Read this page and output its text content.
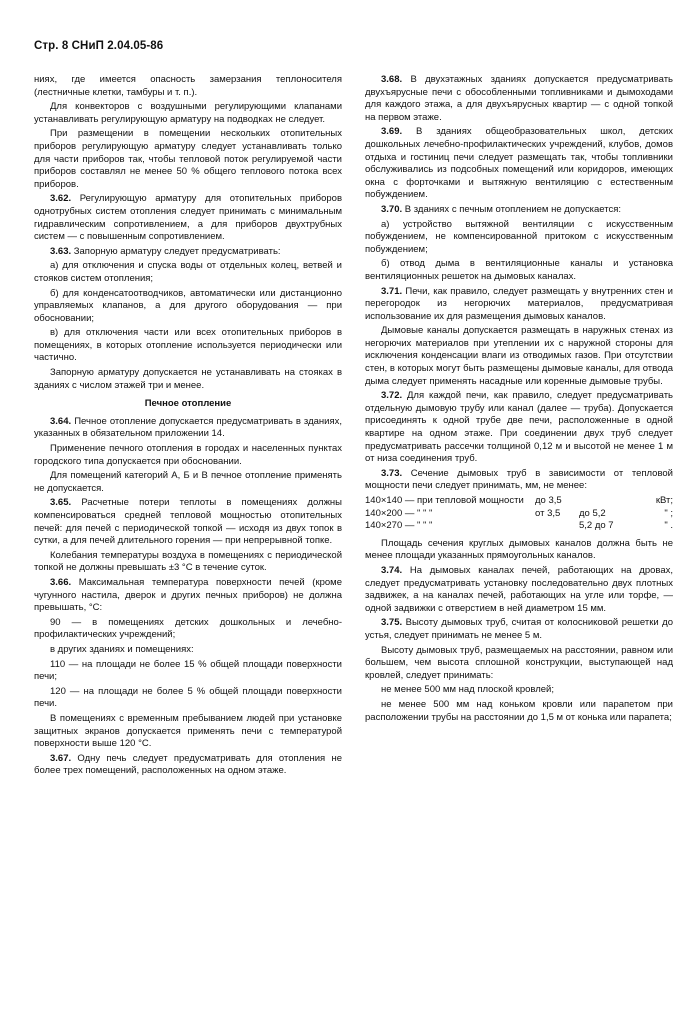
Стр. 8 СНиП 2.04.05-86

ниях, где имеется опасность замерзания теплоносителя (лестничные клетки, тамбуры и т. п.).

Для конвекторов с воздушными регулирующими клапанами устанавливать регулирующую арматуру на подводках не следует.

При размещении в помещении нескольких отопительных приборов регулирующую арматуру следует устанавливать только для части приборов так, чтобы тепловой поток регулируемой части приборов составлял не менее 50 % общего теплового потока всех приборов.

3.62. Регулирующую арматуру для отопительных приборов однотрубных систем отопления следует принимать с минимальным гидравлическим сопротивлением, а для приборов двухтрубных систем — с повышенным сопротивлением.

3.63. Запорную арматуру следует предусматривать:

а) для отключения и спуска воды от отдельных колец, ветвей и стояков систем отопления;

б) для конденсатоотводчиков, автоматически или дистанционно управляемых клапанов, а для другого оборудования — при обосновании;

в) для отключения части или всех отопительных приборов в помещениях, в которых отопление используется периодически или частично.

Запорную арматуру допускается не устанавливать на стояках в зданиях с числом этажей три и менее.

Печное отопление

3.64. Печное отопление допускается предусматривать в зданиях, указанных в обязательном приложении 14.

Применение печного отопления в городах и населенных пунктах городского типа допускается при обосновании.

Для помещений категорий А, Б и В печное отопление применять не допускается.

3.65. Расчетные потери теплоты в помещениях должны компенсироваться средней тепловой мощностью отопительных печей: для печей с периодической топкой — исходя из двух топок в сутки, а для печей длительного горения — при непрерывной топке.

Колебания температуры воздуха в помещениях с периодической топкой не должны превышать ±3 °С в течение суток.

3.66. Максимальная температура поверхности печей (кроме чугунного настила, дверок и других печных приборов) не должна превышать, °С:

90 — в помещениях детских дошкольных и лечебно-профилактических учреждений;

в других зданиях и помещениях:

110 — на площади не более 15 % общей площади поверхности печи;

120 — на площади не более 5 % общей площади поверхности печи.

В помещениях с временным пребыванием людей при установке защитных экранов допускается применять печи с температурой поверхности выше 120 °С.

3.67. Одну печь следует предусматривать для отопления не более трех помещений, расположенных на одном этаже.

3.68. В двухэтажных зданиях допускается предусматривать двухъярусные печи с обособленными топливниками и дымоходами для каждого этажа, а для двухъярусных квартир — с одной топкой на первом этаже.

3.69. В зданиях общеобразовательных школ, детских дошкольных лечебно-профилактических учреждений, клубов, домов отдыха и гостиниц печи следует размещать так, чтобы топливники обслуживались из подсобных помещений или коридоров, имеющих окна с форточками и вытяжную вентиляцию с естественным побуждением.

3.70. В зданиях с печным отоплением не допускается:

а) устройство вытяжной вентиляции с искусственным побуждением, не компенсированной притоком с искусственным побуждением;

б) отвод дыма в вентиляционные каналы и установка вентиляционных решеток на дымовых каналах.

3.71. Печи, как правило, следует размещать у внутренних стен и перегородок из негорючих материалов, предусматривая использование их для размещения дымовых каналов.

Дымовые каналы допускается размещать в наружных стенах из негорючих материалов при утеплении их с наружной стороны для исключения конденсации влаги из отводимых газов. При отсутствии стен, в которых могут быть размещены дымовые каналы, для отвода дыма следует применять насадные или коренные дымовые трубы.

3.72. Для каждой печи, как правило, следует предусматривать отдельную дымовую трубу или канал (далее — труба). Допускается присоединять к одной трубе две печи, расположенные в одной квартире на одном этаже. При соединении двух труб следует предусматривать рассечки толщиной 0,12 м и высотой не менее 1 м от низа соединения труб.

3.73. Сечение дымовых труб в зависимости от тепловой мощности печи следует принимать, мм, не менее:

140×140 — при тепловой мощности	до 3,5	кВт;
140×200 — " " "	от 3,5	до 5,2	" ;
140×270 — " " "	5,2 до 7	" .

Площадь сечения круглых дымовых каналов должна быть не менее площади указанных прямоугольных каналов.

3.74. На дымовых каналах печей, работающих на дровах, следует предусматривать установку последовательно двух плотных задвижек, а на каналах печей, работающих на угле или торфе, — одной задвижки с отверстием в ней диаметром 15 мм.

3.75. Высоту дымовых труб, считая от колосниковой решетки до устья, следует принимать не менее 5 м.

Высоту дымовых труб, размещаемых на расстоянии, равном или большем, чем высота сплошной конструкции, выступающей над кровлей, следует принимать:

не менее 500 мм над плоской кровлей;

не менее 500 мм над коньком кровли или парапетом при расположении трубы на расстоянии до 1,5 м от конька или парапета;
